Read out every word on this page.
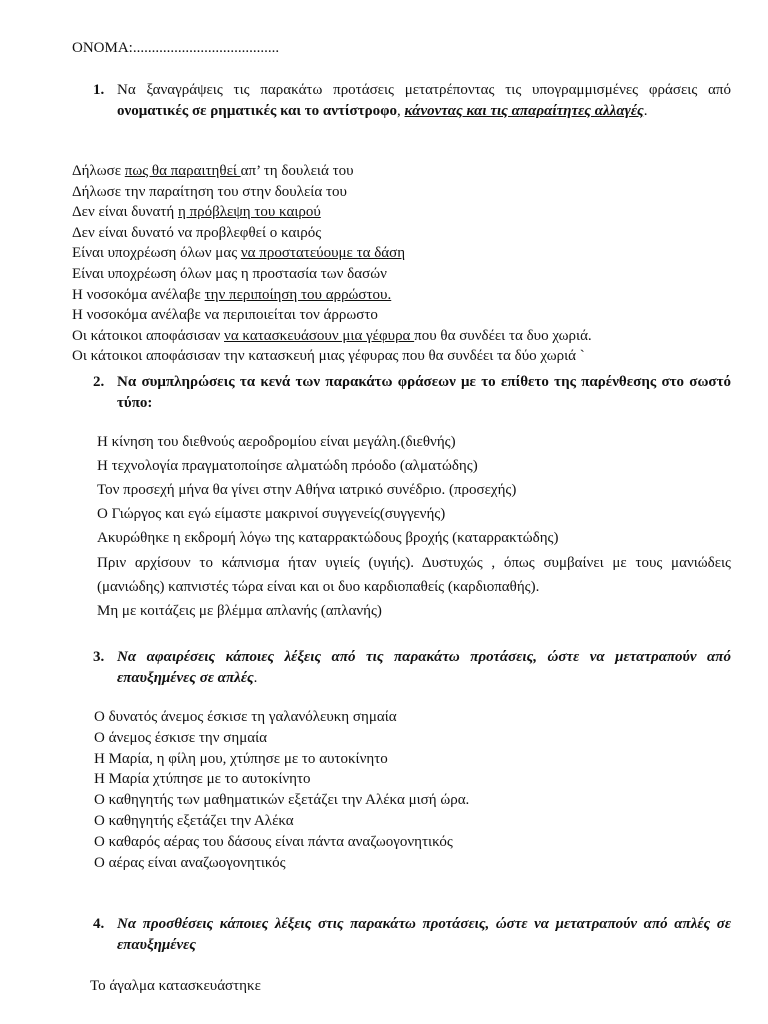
ΟΝΟΜΑ:.......................................
1. Να ξαναγράψεις τις παρακάτω προτάσεις μετατρέποντας τις υπογραμμισμένες φράσεις από ονοματικές σε ρηματικές και το αντίστροφο, κάνοντας και τις απαραίτητες αλλαγές.
Δήλωσε πως θα παραιτηθεί απ’ τη δουλειά του
Δήλωσε την παραίτηση του στην δουλεία του
Δεν είναι δυνατή η πρόβλεψη του καιρού
Δεν είναι δυνατό να προβλεφθεί ο καιρός
Είναι υποχρέωση όλων μας να προστατεύουμε τα δάση
Είναι υποχρέωση όλων μας η προστασία των δασών
Η νοσοκόμα ανέλαβε την περιποίηση του αρρώστου.
Η νοσοκόμα ανέλαβε να περιποιείται τον άρρωστο
Οι κάτοικοι αποφάσισαν να κατασκευάσουν μια γέφυρα που θα συνδέει τα δυο χωριά.
Οι κάτοικοι αποφάσισαν την κατασκευή μιας γέφυρας που θα συνδέει τα δύο χωριά `
2. Να συμπληρώσεις τα κενά των παρακάτω φράσεων με το επίθετο της παρένθεσης στο σωστό τύπο:
Η κίνηση του διεθνούς αεροδρομίου είναι μεγάλη.(διεθνής)
Η τεχνολογία πραγματοποίησε αλματώδη πρόοδο (αλματώδης)
Τον προσεχή μήνα θα γίνει στην Αθήνα ιατρικό συνέδριο. (προσεχής)
Ο Γιώργος και εγώ είμαστε μακρινοί συγγενείς(συγγενής)
Ακυρώθηκε η εκδρομή λόγω της καταρρακτώδους βροχής (καταρρακτώδης)
Πριν αρχίσουν το κάπνισμα ήταν υγιείς (υγιής). Δυστυχώς , όπως συμβαίνει με τους μανιώδεις (μανιώδης) καπνιστές τώρα είναι και οι δυο καρδιοπαθείς (καρδιοπαθής).
Μη με κοιτάζεις με βλέμμα απλανής (απλανής)
3. Να αφαιρέσεις κάποιες λέξεις από τις παρακάτω προτάσεις, ώστε να μετατραπούν από επαυξημένες σε απλές.
Ο δυνατός άνεμος έσκισε τη γαλανόλευκη σημαία
Ο άνεμος έσκισε την σημαία
Η Μαρία, η φίλη μου, χτύπησε με το αυτοκίνητο
Η Μαρία χτύπησε με το αυτοκίνητο
Ο καθηγητής των μαθηματικών εξετάζει την Αλέκα μισή ώρα.
Ο καθηγητής εξετάζει την Αλέκα
Ο καθαρός αέρας του δάσους είναι πάντα αναζωογονητικός
Ο αέρας είναι αναζωογονητικός
4. Να προσθέσεις κάποιες λέξεις στις παρακάτω προτάσεις, ώστε να μετατραπούν από απλές σε επαυξημένες
Το άγαλμα κατασκευάστηκε
